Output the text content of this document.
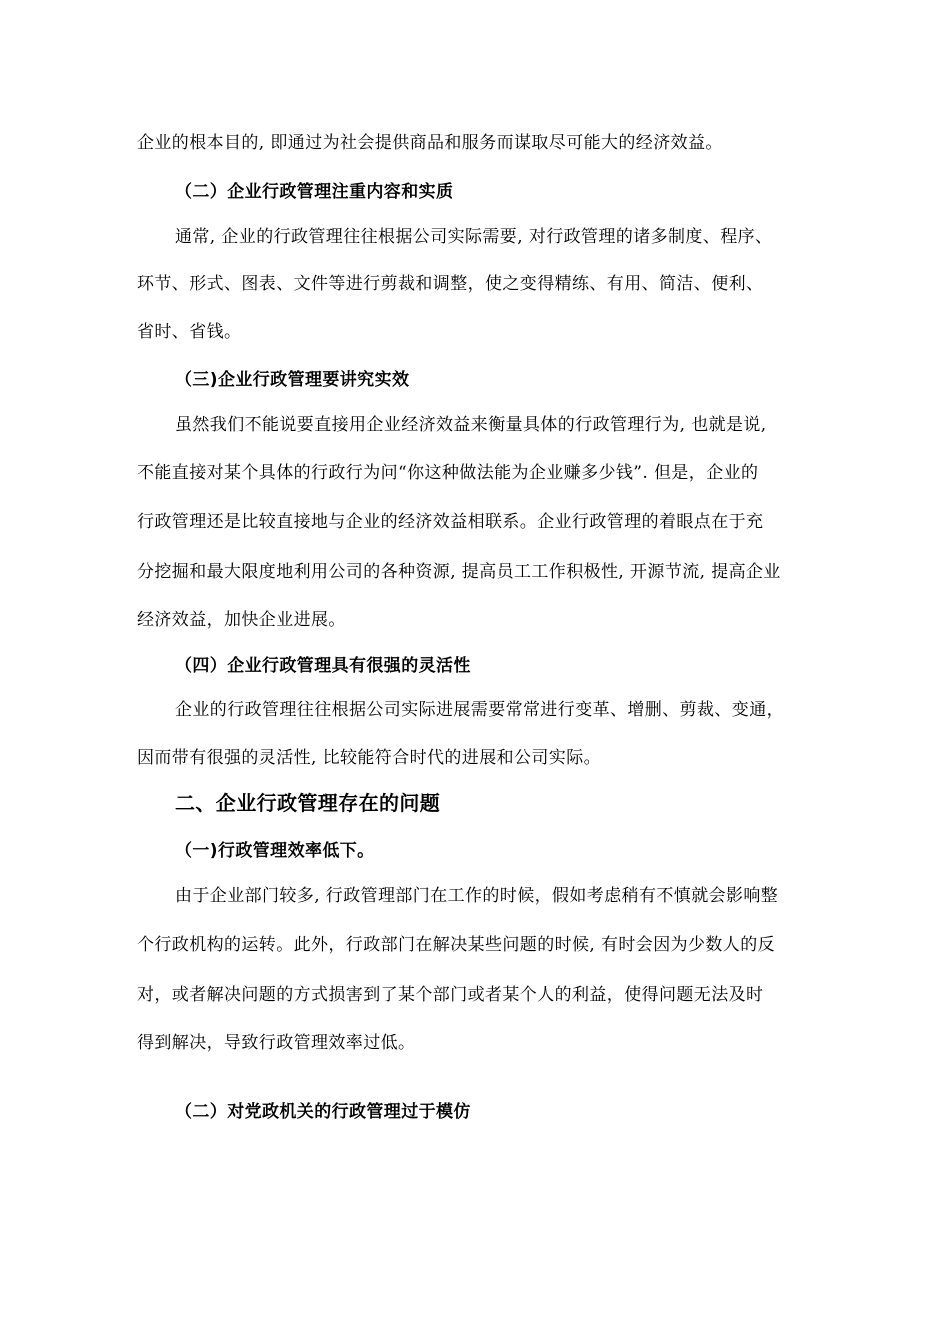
企业的根本目的, 即通过为社会提供商品和服务而谋取尽可能大的经济效益。
（二）企业行政管理注重内容和实质
通常, 企业的行政管理往往根据公司实际需要, 对行政管理的诸多制度、程序、
环节、形式、图表、文件等进行剪裁和调整，使之变得精练、有用、简洁、便利、
省时、省钱。
（三)企业行政管理要讲究实效
虽然我们不能说要直接用企业经济效益来衡量具体的行政管理行为, 也就是说,
不能直接对某个具体的行政行为问“你这种做法能为企业赚多少钱”. 但是，企业的
行政管理还是比较直接地与企业的经济效益相联系。企业行政管理的着眼点在于充
分挖掘和最大限度地利用公司的各种资源, 提高员工工作积极性, 开源节流, 提高企业
经济效益，加快企业进展。
（四）企业行政管理具有很强的灵活性
企业的行政管理往往根据公司实际进展需要常常进行变革、增删、剪裁、变通，
因而带有很强的灵活性, 比较能符合时代的进展和公司实际。
二、企业行政管理存在的问题
（一)行政管理效率低下。
由于企业部门较多, 行政管理部门在工作的时候，假如考虑稍有不慎就会影响整
个行政机构的运转。此外，行政部门在解决某些问题的时候, 有时会因为少数人的反
对，或者解决问题的方式损害到了某个部门或者某个人的利益，使得问题无法及时
得到解决，导致行政管理效率过低。
（二）对党政机关的行政管理过于模仿
